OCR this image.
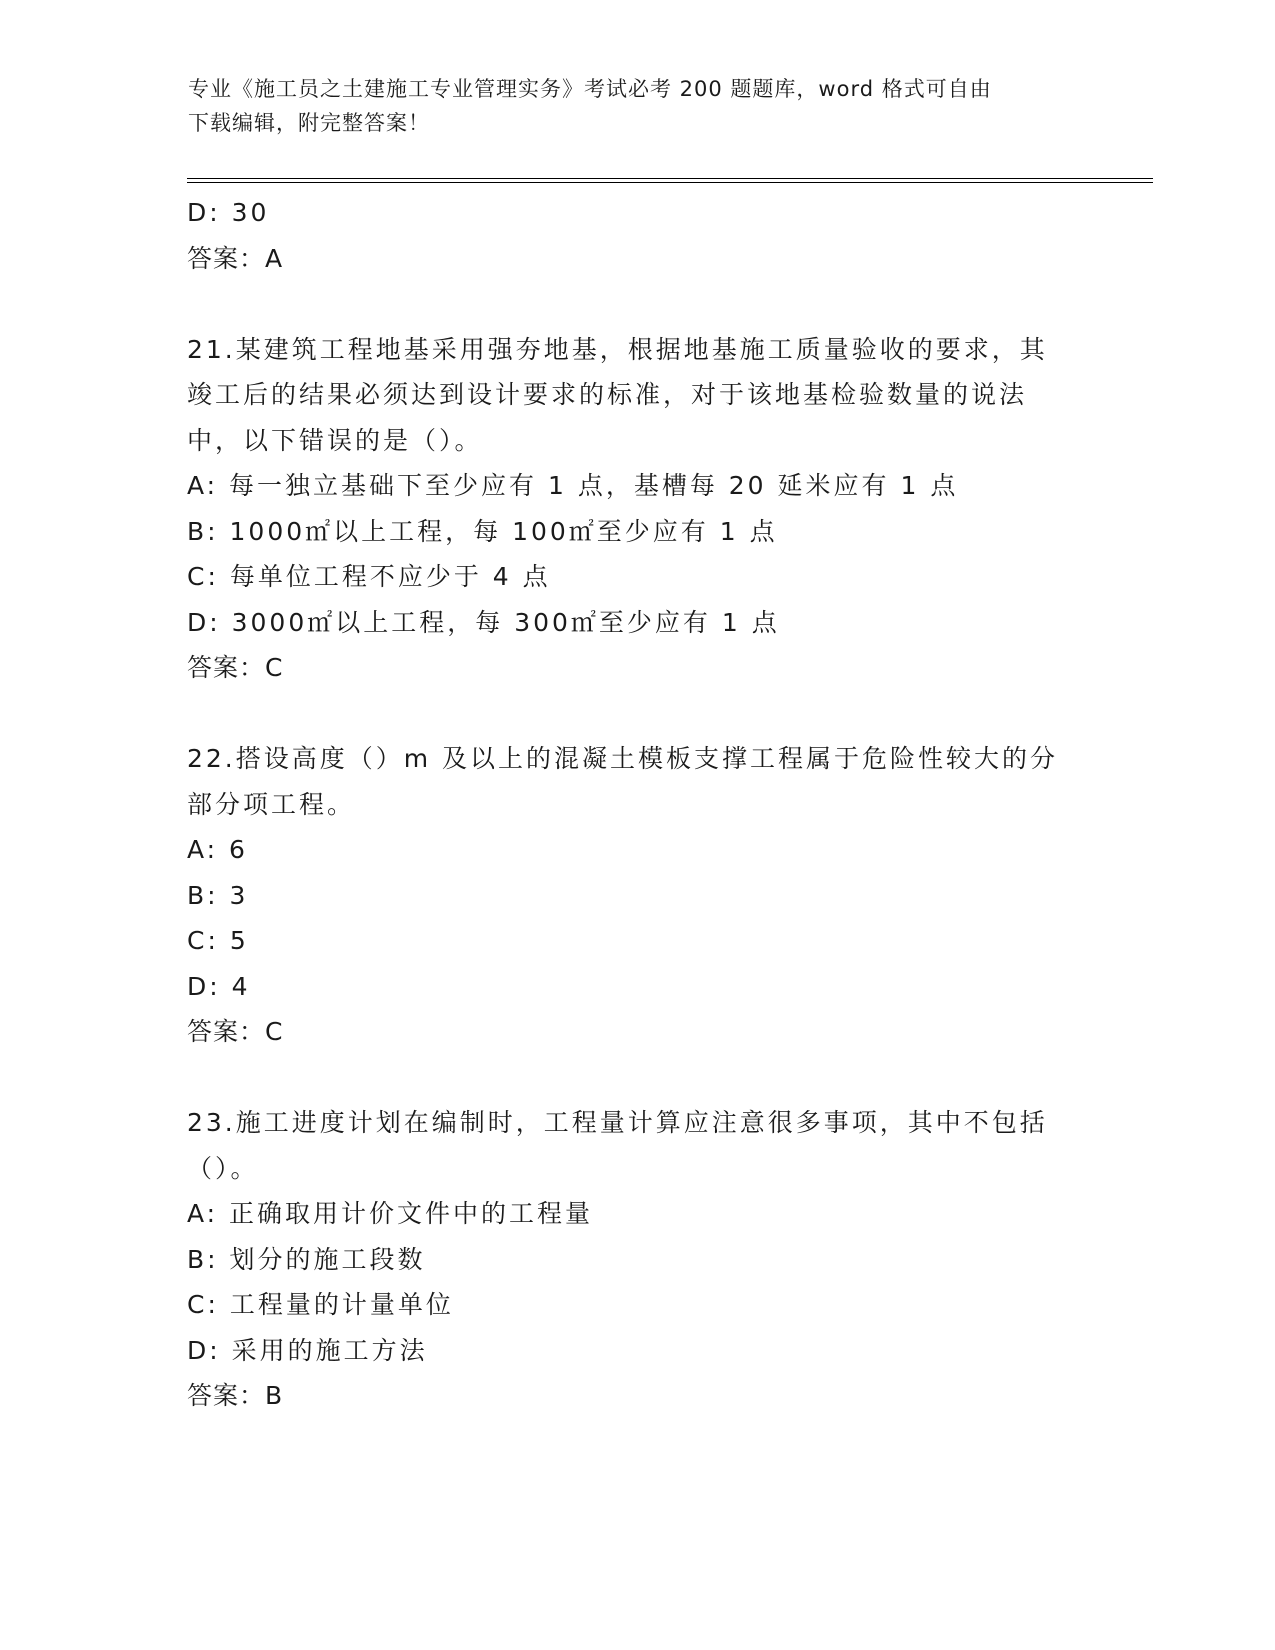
专业《施工员之土建施工专业管理实务》考试必考 200 题题库，word 格式可自由
下载编辑，附完整答案！
D: 30
答案：A
21.某建筑工程地基采用强夯地基，根据地基施工质量验收的要求，其
竣工后的结果必须达到设计要求的标准，对于该地基检验数量的说法
中，以下错误的是（）。
A: 每一独立基础下至少应有 1 点，基槽每 20 延米应有 1 点
B: 1000㎡以上工程，每 100㎡至少应有 1 点
C: 每单位工程不应少于 4 点
D: 3000㎡以上工程，每 300㎡至少应有 1 点
答案：C
22.搭设高度（）m 及以上的混凝土模板支撑工程属于危险性较大的分
部分项工程。
A: 6
B: 3
C: 5
D: 4
答案：C
23.施工进度计划在编制时，工程量计算应注意很多事项，其中不包括
（）。
A: 正确取用计价文件中的工程量
B: 划分的施工段数
C: 工程量的计量单位
D: 采用的施工方法
答案：B
